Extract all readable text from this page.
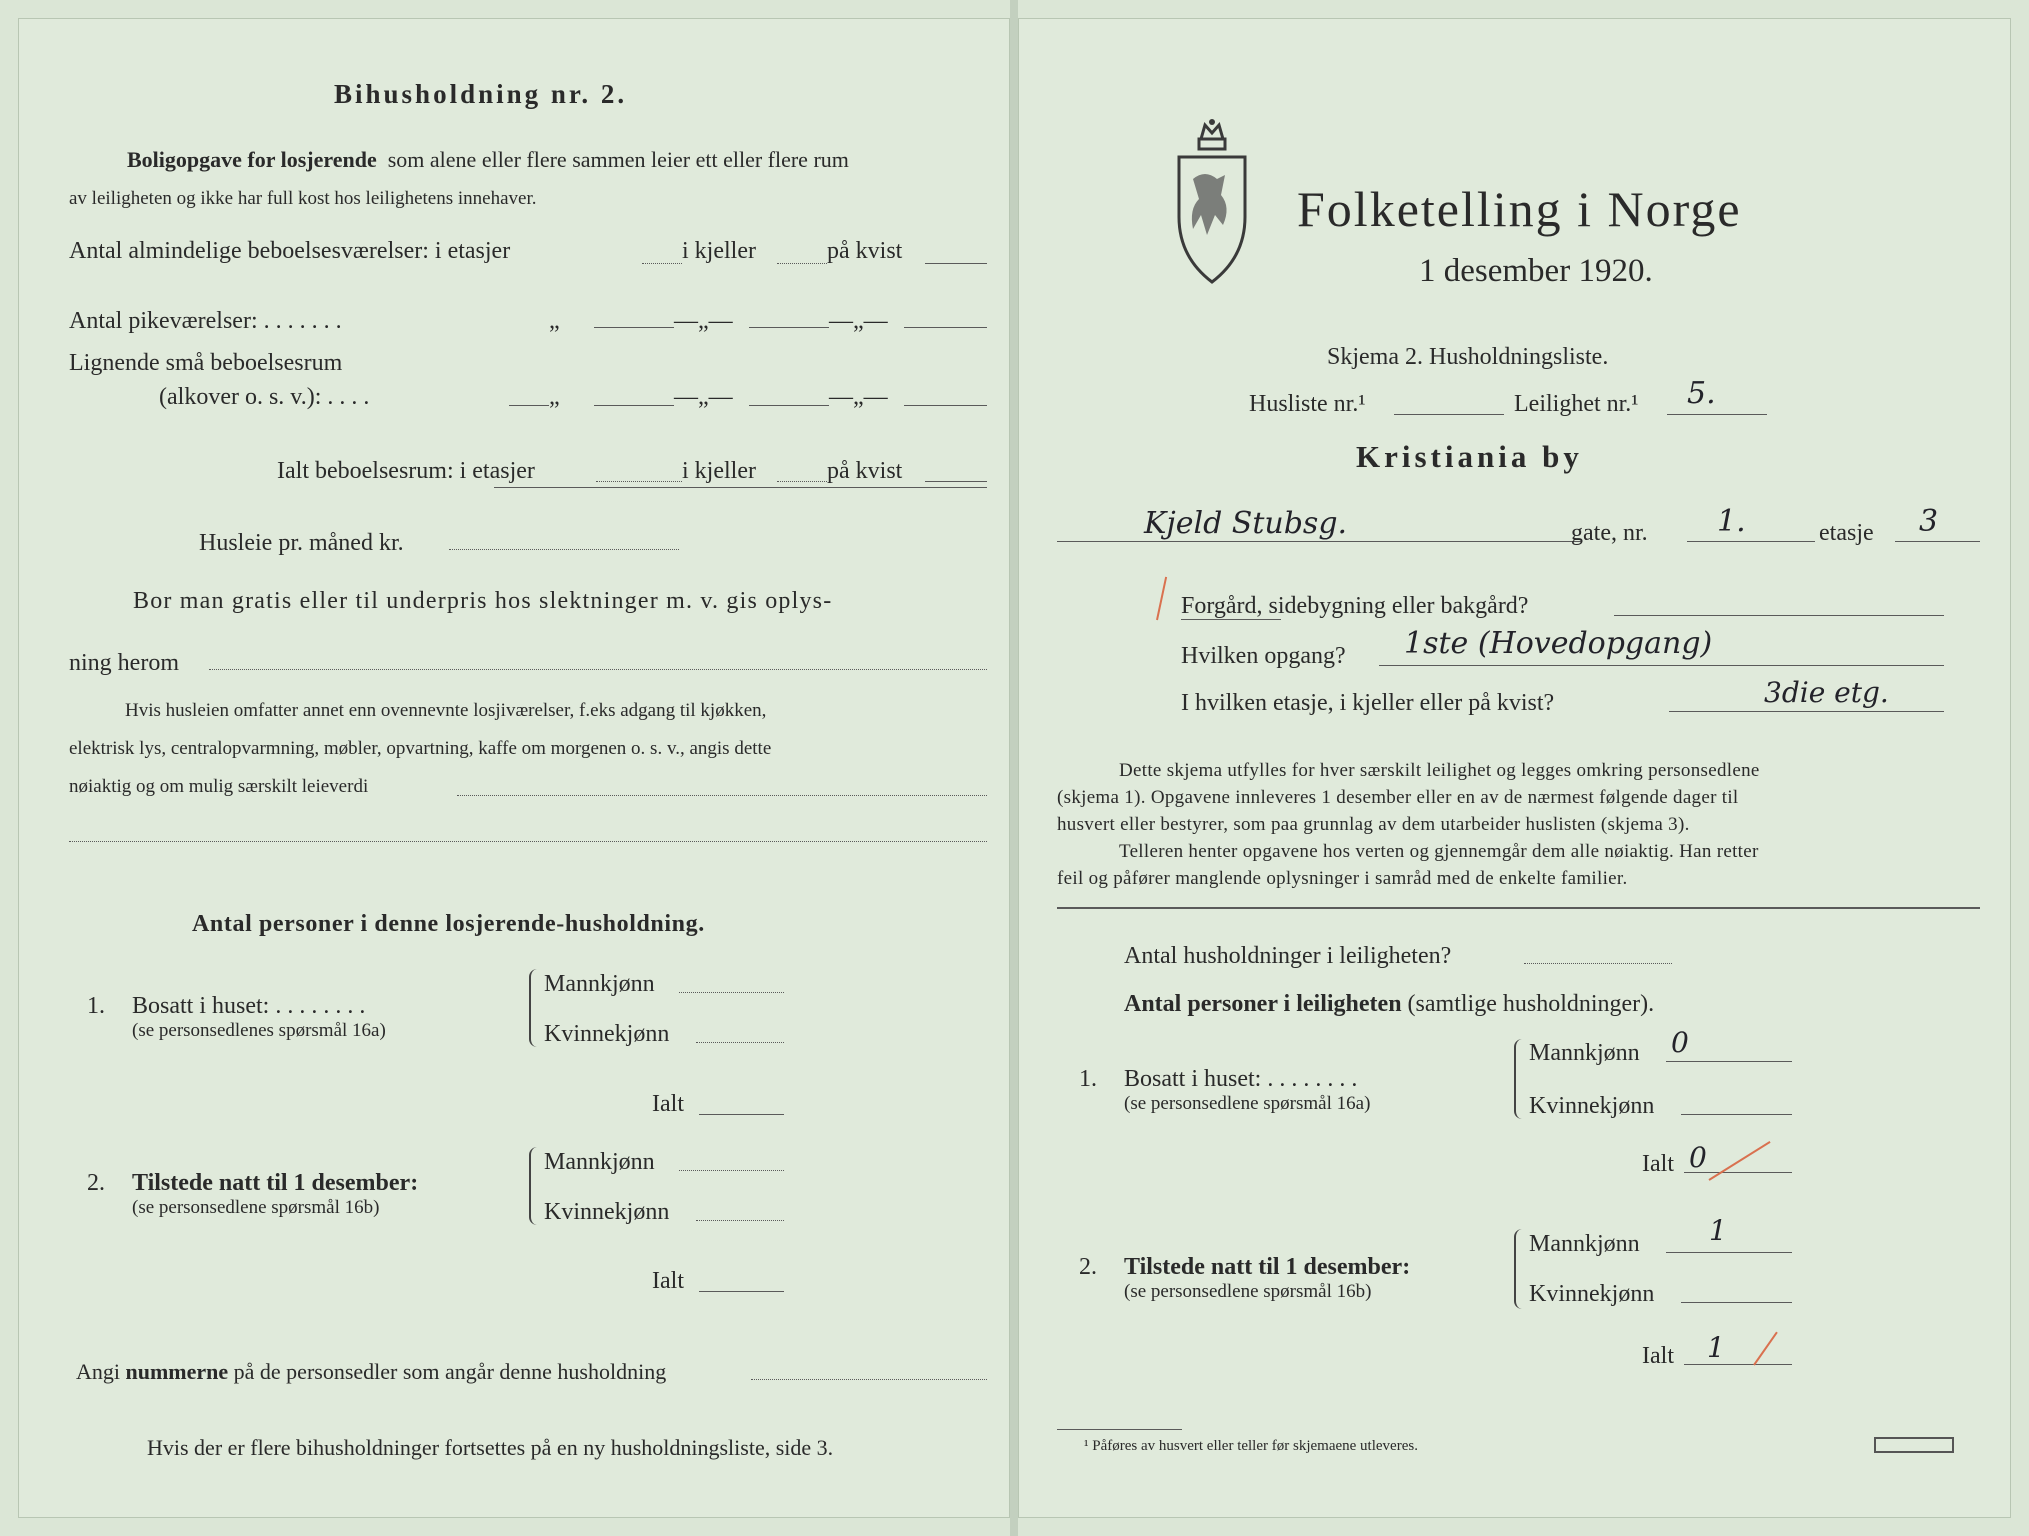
Bihusholdning nr. 2.
Boligopgave for losjerende som alene eller flere sammen leier ett eller flere rum
av leiligheten og ikke har full kost hos leilighetens innehaver.
Antal almindelige beboelsesværelser: i etasjer	i kjeller	på kvist
Antal pikeværelser: . . . . . . .	„	—„—	—„—
Lignende små beboelsesrum
(alkover o. s. v.): . . . .	„	—„—	—„—
Ialt beboelsesrum: i etasjer	i kjeller	på kvist
Husleie pr. måned kr.
Bor man gratis eller til underpris hos slektninger m. v. gis oplys-
ning herom
Hvis husleien omfatter annet enn ovennevnte losjiværelser, f.eks adgang til kjøkken,
elektrisk lys, centralopvarmning, møbler, opvartning, kaffe om morgenen o. s. v., angis dette
nøiaktig og om mulig særskilt leieverdi
Antal personer i denne losjerende-husholdning.
1. Bosatt i huset: . . . . . . . .
(se personsedlenes spørsmål 16a)
Mannkjønn
Kvinnekjønn
Ialt
2. Tilstede natt til 1 desember:
(se personsedlene spørsmål 16b)
Mannkjønn
Kvinnekjønn
Ialt
Angi nummerne på de personsedler som angår denne husholdning
Hvis der er flere bihusholdninger fortsettes på en ny husholdningsliste, side 3.
Folketelling i Norge
1 desember 1920.
Skjema 2. Husholdningsliste.
Husliste nr.¹	Leilighet nr.¹ 5.
Kristiania by
Kjeld Stubsg.	gate, nr. 1.	etasje 3
Forgård, sidebygning eller bakgård?
Hvilken opgang? 1ste (Hovedopgang)
I hvilken etasje, i kjeller eller på kvist?	3die etg.
Dette skjema utfylles for hver særskilt leilighet og legges omkring personsedlene
(skjema 1). Opgavene innleveres 1 desember eller en av de nærmest følgende dager til
husvert eller bestyrer, som paa grunnlag av dem utarbeider huslisten (skjema 3).
Telleren henter opgavene hos verten og gjennemgår dem alle nøiaktig. Han retter
feil og påfører manglende oplysninger i samråd med de enkelte familier.
Antal husholdninger i leiligheten?
Antal personer i leiligheten (samtlige husholdninger).
1. Bosatt i huset: . . . . . . . .
(se personsedlene spørsmål 16a)
Mannkjønn 0
Kvinnekjønn
Ialt 0
2. Tilstede natt til 1 desember:
(se personsedlene spørsmål 16b)
Mannkjønn 1
Kvinnekjønn
Ialt 1
¹ Påføres av husvert eller teller før skjemaene utleveres.
